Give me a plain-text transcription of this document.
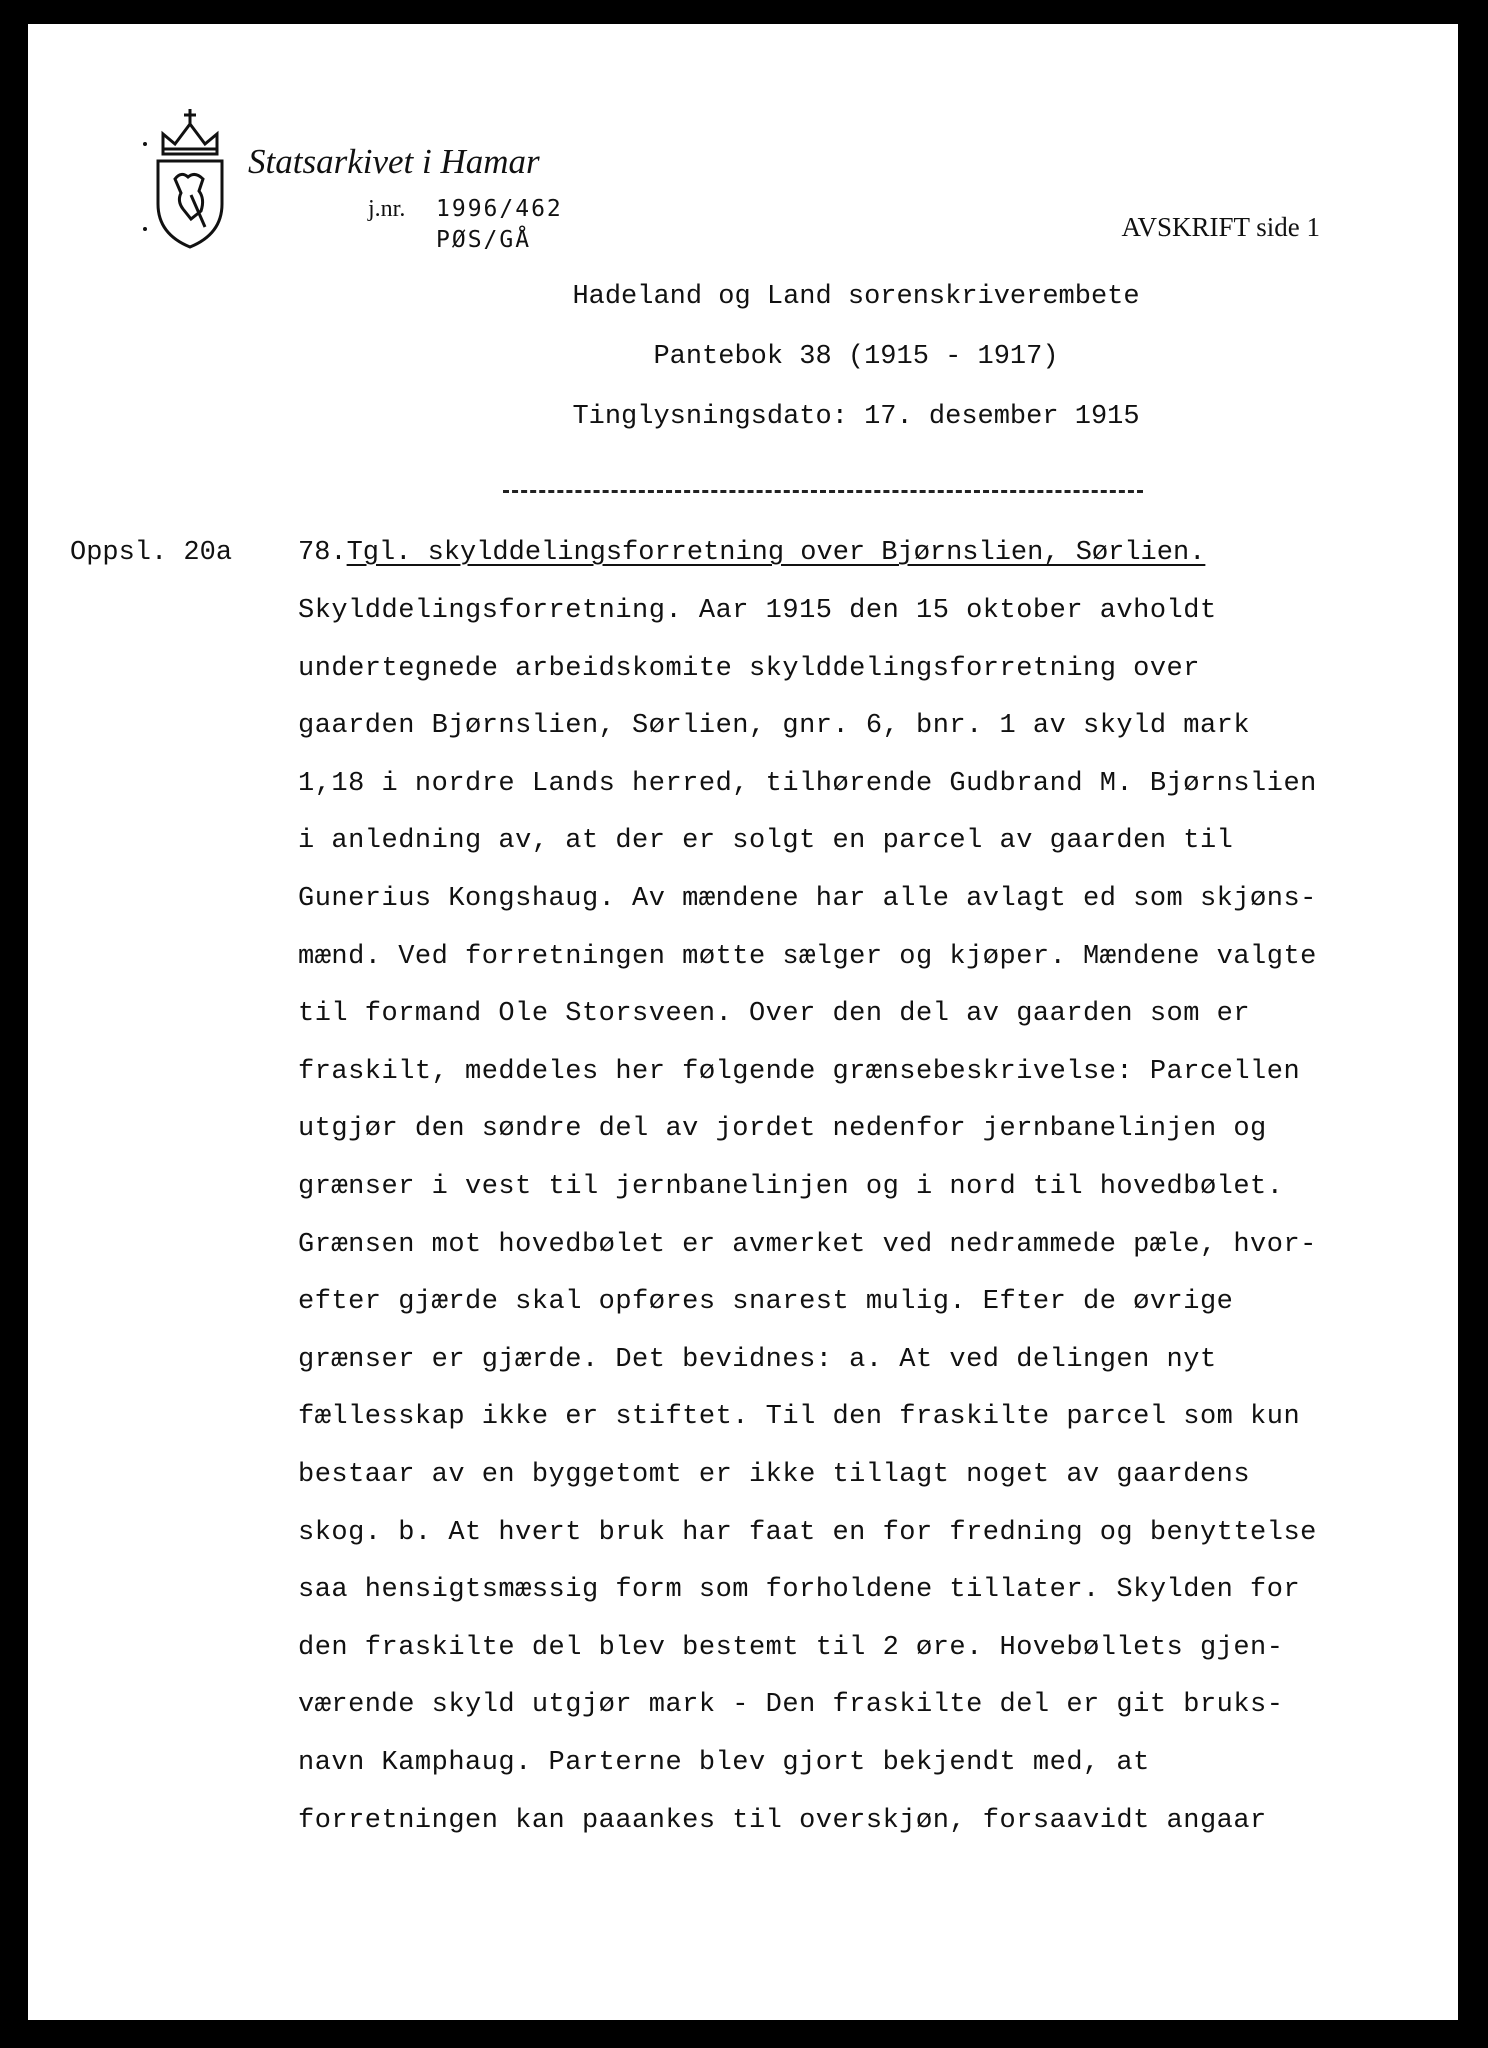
Statsarkivet i Hamar
j.nr. 1996/462
PØS/GÅ	AVSKRIFT side 1
Hadeland og Land sorenskriverembete
Pantebok 38 (1915 - 1917)
Tinglysningsdato: 17. desember 1915
Oppsl. 20a 78.Tgl. skylddelingsforretning over Bjørnslien, Sørlien.
Skylddelingsforretning. Aar 1915 den 15 oktober avholdt
undertegnede arbeidskomite skylddelingsforretning over
gaarden Bjørnslien, Sørlien, gnr. 6, bnr. 1 av skyld mark
1,18 i nordre Lands herred, tilhørende Gudbrand M. Bjørnslien
i anledning av, at der er solgt en parcel av gaarden til
Gunerius Kongshaug. Av mændene har alle avlagt ed som skjøns-
mænd. Ved forretningen møtte sælger og kjøper. Mændene valgte
til formand Ole Storsveen. Over den del av gaarden som er
fraskilt, meddeles her følgende grænsebeskrivelse: Parcellen
utgjør den søndre del av jordet nedenfor jernbanelinjen og
grænser i vest til jernbanelinjen og i nord til hovedbølet.
Grænsen mot hovedbølet er avmerket ved nedrammede pæle, hvor-
efter gjærde skal opføres snarest mulig. Efter de øvrige
grænser er gjærde. Det bevidnes: a. At ved delingen nyt
fællesskap ikke er stiftet. Til den fraskilte parcel som kun
bestaar av en byggetomt er ikke tillagt noget av gaardens
skog. b. At hvert bruk har faat en for fredning og benyttelse
saa hensigtsmæssig form som forholdene tillater. Skylden for
den fraskilte del blev bestemt til 2 øre. Hovebøllets gjen-
værende skyld utgjør mark - Den fraskilte del er git bruks-
navn Kamphaug. Parterne blev gjort bekjendt med, at
forretningen kan paaankes til overskjøn, forsaavidt angaar
